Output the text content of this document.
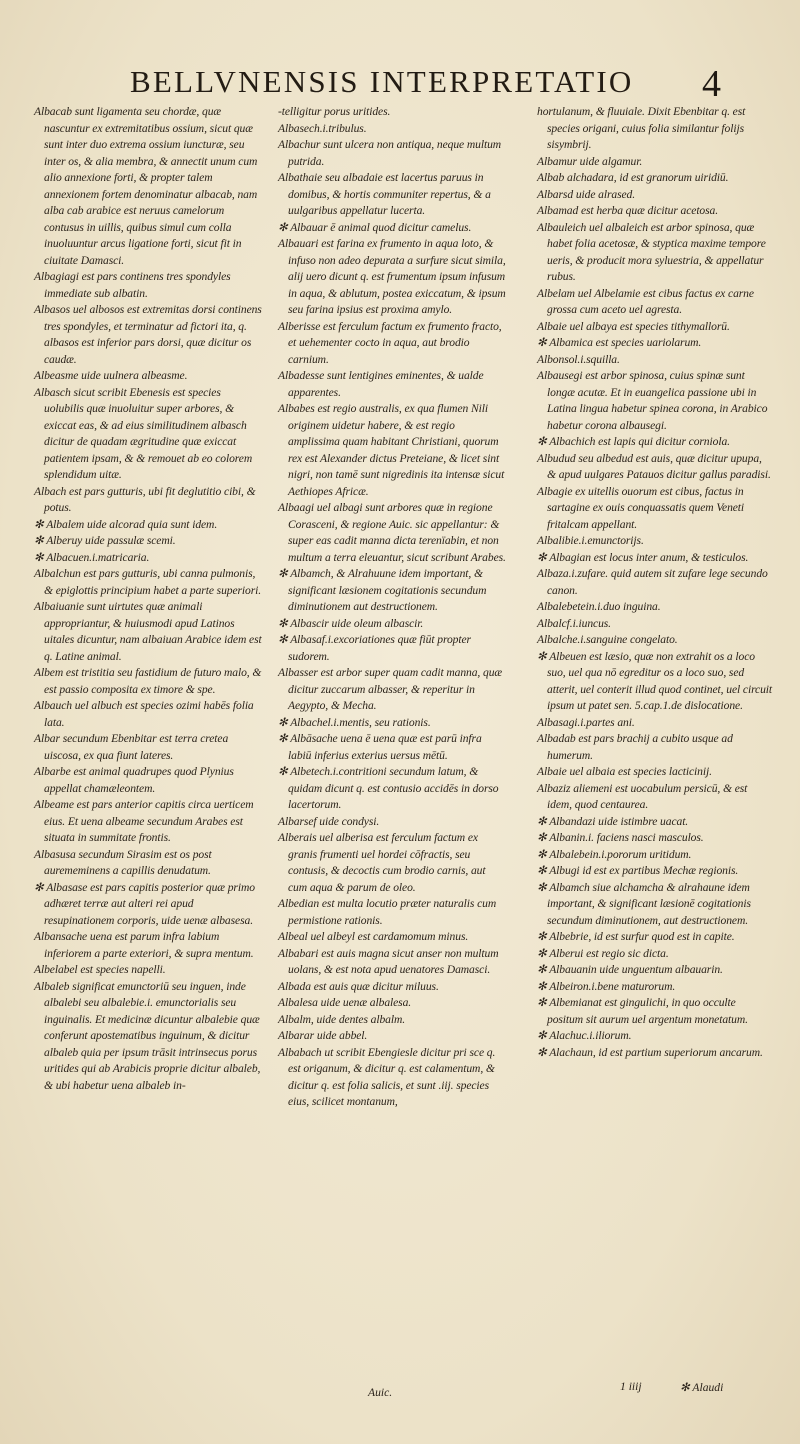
BELLVNENSIS INTERPRETATIO	4

Albacab sunt ligamenta seu chordæ, quæ nascuntur ex extremitatibus ossium, sicut quæ sunt inter duo extrema ossium iuncturæ, seu inter os, & alia membra, & annectit unum cum alio annexione forti, & propter talem annexionem fortem denominatur albacab, nam alba cab arabice est neruus camelorum contusus in uillis, quibus simul cum colla inuoluuntur arcus ligatione forti, sicut fit in ciuitate Damasci.

Albagiagi est pars continens tres spondyles immediate sub albatin.

Albasos uel albosos est extremitas dorsi continens tres spondyles, et terminatur ad fictori ita, q. albasos est inferior pars dorsi, quæ dicitur os caudæ.

Albeasme uide uulnera albeasme.

Albasch sicut scribit Ebenesis est species uolubilis quæ inuoluitur super arbores, & exiccat eas, & ad eius similitudinem albasch dicitur de quadam ægritudine quæ exiccat patientem ipsam, & & remouet ab eo colorem splendidum uitæ.

Albach est pars gutturis, ubi fit deglutitio cibi, & potus.

✻ Albalem uide alcorad quia sunt idem.

✻ Alberuy uide passulæ scemi.

✻ Albacuen.i.matricaria.

Albalchun est pars gutturis, ubi canna pulmonis, & epiglottis principium habet a parte superiori.

Albaiuanie sunt uirtutes quæ animali appropriantur, & huiusmodi apud Latinos uitales dicuntur, nam albaiuan Arabice idem est q. Latine animal.

Albem est tristitia seu fastidium de futuro malo, & est passio composita ex timore & spe.

Albauch uel albuch est species ozimi habēs folia lata.

Albar secundum Ebenbitar est terra cretea uiscosa, ex qua fiunt lateres.

Albarbe est animal quadrupes quod Plynius appellat chamæleontem.

Albeame est pars anterior capitis circa uerticem eius. Et uena albeame secundum Arabes est situata in summitate frontis.

Albasusa secundum Sirasim est os post aurememinens a capillis denudatum.

✻ Albasase est pars capitis posterior quæ primo adhæret terræ aut alteri rei apud resupinationem corporis, uide uenæ albasesa.

Albansache uena est parum infra labium inferiorem a parte exteriori, & supra mentum.

Albelabel est species napelli.

Albaleb significat emunctoriū seu inguen, inde albalebi seu albalebie.i. emunctorialis seu inguinalis. Et medicinæ dicuntur albalebie quæ conferunt apostematibus inguinum, & dicitur albaleb quia per ipsum trāsit intrinsecus porus uritides qui ab Arabicis proprie dicitur albaleb, & ubi habetur uena albaleb in-

-telligitur porus uritides.

Albasech.i.tribulus.

Albachur sunt ulcera non antiqua, neque multum putrida.

Albathaie seu albadaie est lacertus paruus in domibus, & hortis communiter repertus, & a uulgaribus appellatur lucerta.

✻ Albauar ē animal quod dicitur camelus.

Albauari est farina ex frumento in aqua loto, & infuso non adeo depurata a surfure sicut simila, alij uero dicunt q. est frumentum ipsum infusum in aqua, & ablutum, postea exiccatum, & ipsum seu farina ipsius est proxima amylo.

Alberisse est ferculum factum ex frumento fracto, et uehementer cocto in aqua, aut brodio carnium.

Albadesse sunt lentigines eminentes, & ualde apparentes.

Albabes est regio australis, ex qua flumen Nili originem uidetur habere, & est regio amplissima quam habitant Christiani, quorum rex est Alexander dictus Preteiane, & licet sint nigri, non tamē sunt nigredinis ita intensæ sicut Aethiopes Africæ.

Albaagi uel albagi sunt arbores quæ in regione Corasceni, & regione Auic. sic appellantur: & super eas cadit manna dicta terenïabin, et non multum a terra eleuantur, sicut scribunt Arabes.

✻ Albamch, & Alrahuune idem important, & significant læsionem cogitationis secundum diminutionem aut destructionem.

✻ Albascir uide oleum albascir.

✻ Albasaf.i.excoriationes quæ fiūt propter sudorem.

Albasser est arbor super quam cadit manna, quæ dicitur zuccarum albasser, & reperitur in Aegypto, & Mecha.

✻ Albachel.i.mentis, seu rationis.

✻ Albāsache uena ē uena quæ est parū infra labiū inferius exterius uersus mētū.

✻ Albetech.i.contritioni secundum latum, & quidam dicunt q. est contusio accidēs in dorso lacertorum.

Albarsef uide condysi.

Alberais uel alberisa est ferculum factum ex granis frumenti uel hordei cōfractis, seu contusis, & decoctis cum brodio carnis, aut cum aqua & parum de oleo.

Albedian est multa locutio præter naturalis cum permistione rationis.

Albeal uel albeyl est cardamomum minus.

Albabari est auis magna sicut anser non multum uolans, & est nota apud uenatores Damasci.

Albada est auis quæ dicitur miluus.

Albalesa uide uenæ albalesa.

Albalm, uide dentes albalm.

Albarar uide abbel.

Albabach ut scribit Ebengiesle dicitur pri sce q. est origanum, & dicitur q. est calamentum, & dicitur q. est folia salicis, et sunt .iij. species eius, scilicet montanum,

hortulanum, & fluuiale. Dixit Ebenbitar q. est species origani, cuius folia similantur folijs sisymbrij.

Albamur uide algamur.

Albab alchadara, id est granorum uiridiū.

Albarsd uide alrased.

Albamad est herba quæ dicitur acetosa.

Albauleich uel albaleich est arbor spinosa, quæ habet folia acetosæ, & styptica maxime tempore ueris, & producit mora syluestria, & appellatur rubus.

Albelam uel Albelamie est cibus factus ex carne grossa cum aceto uel agresta.

Albaie uel albaya est species tithymallorū.

✻ Albamica est species uariolarum.

Albonsol.i.squilla.

Albausegi est arbor spinosa, cuius spinæ sunt longæ acutæ. Et in euangelica passione ubi in Latina lingua habetur spinea corona, in Arabico habetur corona albausegi.

✻ Albachich est lapis qui dicitur corniola.

Albudud seu albedud est auis, quæ dicitur upupa, & apud uulgares Patauos dicitur gallus paradisi.

Albagie ex uitellis ouorum est cibus, factus in sartagine ex ouis conquassatis quem Veneti fritalcam appellant.

Albalibie.i.emunctorijs.

✻ Albagian est locus inter anum, & testiculos.

Albaza.i.zufare. quid autem sit zufare lege secundo canon.

Albalebetein.i.duo inguina.

Albalcf.i.iuncus.

Albalche.i.sanguine congelato.

✻ Albeuen est læsio, quæ non extrahit os a loco suo, uel qua nō egreditur os a loco suo, sed atterit, uel conterit illud quod continet, uel circuit ipsum ut patet sen. 5.cap.1.de dislocatione.

Albasagi.i.partes ani.

Albadab est pars brachij a cubito usque ad humerum.

Albaie uel albaia est species lacticinij.

Albaziz aliemeni est uocabulum persicū, & est idem, quod centaurea.

✻ Albandazi uide istimbre uacat.

✻ Albanin.i. faciens nasci masculos.

✻ Albalebein.i.pororum uritidum.

✻ Albugi id est ex partibus Mechæ regionis.

✻ Albamch siue alchamcha & alrahaune idem important, & significant læsionē cogitationis secundum diminutionem, aut destructionem.

✻ Albebrie, id est surfur quod est in capite.

✻ Alberui est regio sic dicta.

✻ Albauanin uide unguentum albauarin.

✻ Albeiron.i.bene maturorum.

✻ Albemianat est gingulichi, in quo occulte positum sit aurum uel argentum monetatum.

✻ Alachuc.i.iliorum.

✻ Alachaun, id est partium superiorum ancarum.

Auic.	1 iiij	✻ Alaudi
